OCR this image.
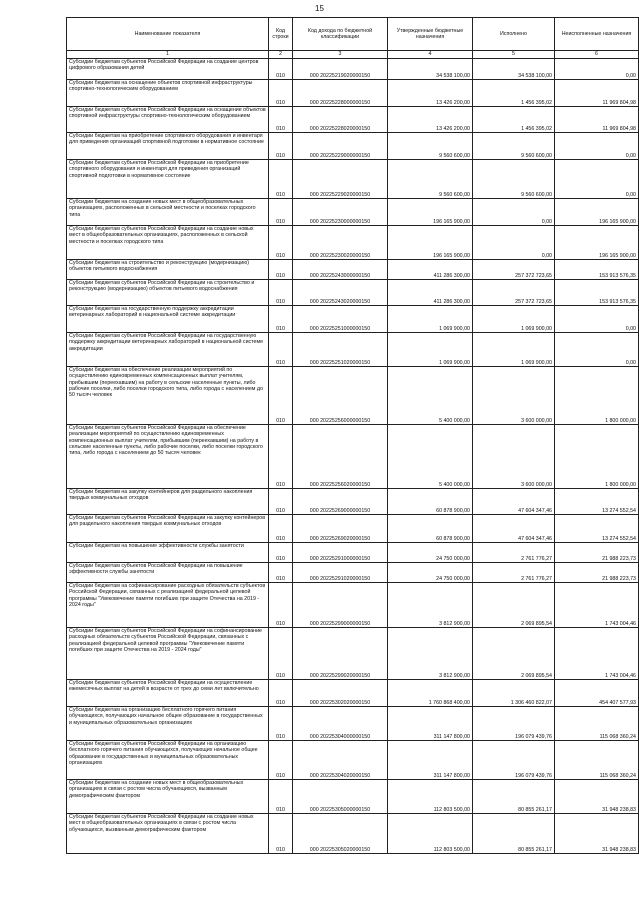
15
Наименование показателя	Код строки	Код дохода по бюджетной классификации	Утвержденные бюджетные назначения	Исполнено	Неисполненные назначения
1	2	3	4	5	6
Субсидии бюджетам субъектов Российской Федерации на создание центров цифрового образования детей	010	000 20225219020000150	34 538 100,00	34 538 100,00	0,00
Субсидии бюджетам на оснащение объектов спортивной инфраструктуры спортивно-технологическим оборудованием	010	000 20225228000000150	13 426 200,00	1 456 395,02	11 969 804,98
Субсидии бюджетам субъектов Российской Федерации на оснащение объектов спортивной инфраструктуры спортивно-технологическим оборудованием	010	000 20225228020000150	13 426 200,00	1 456 395,02	11 969 804,98
Субсидии бюджетам на приобретение спортивного оборудования и инвентаря для приведения организаций спортивной подготовки в нормативное состояние	010	000 20225229000000150	9 560 600,00	9 560 600,00	0,00
Субсидии бюджетам субъектов Российской Федерации на приобретение спортивного оборудования и инвентаря для приведения организаций спортивной подготовки в нормативное состояние	010	000 20225229020000150	9 560 600,00	9 560 600,00	0,00
Субсидии бюджетам на создание новых мест в общеобразовательных организациях, расположенных в сельской местности и поселках городского типа	010	000 20225230000000150	196 165 900,00	0,00	196 165 900,00
Субсидии бюджетам субъектов Российской Федерации на создание новых мест в общеобразовательных организациях, расположенных в сельской местности и поселках городского типа	010	000 20225230020000150	196 165 900,00	0,00	196 165 900,00
Субсидии бюджетам на строительство и реконструкцию (модернизацию) объектов питьевого водоснабжения	010	000 20225243000000150	411 286 300,00	257 372 723,65	153 913 576,35
Субсидии бюджетам субъектов Российской Федерации на строительство и реконструкцию (модернизацию) объектов питьевого водоснабжения	010	000 20225243020000150	411 286 300,00	257 372 723,65	153 913 576,35
Субсидии бюджетам на государственную поддержку аккредитации ветеринарных лабораторий в национальной системе аккредитации	010	000 20225251000000150	1 069 900,00	1 069 900,00	0,00
Субсидии бюджетам субъектов Российской Федерации на государственную поддержку аккредитации ветеринарных лабораторий в национальной системе аккредитации	010	000 20225251020000150	1 069 900,00	1 069 900,00	0,00
Субсидии бюджетам на обеспечение реализации мероприятий по осуществлению единовременных компенсационных выплат учителям, прибывшим (переехавшим) на работу в сельские населенные пункты, либо рабочие поселки, либо поселки городского типа, либо города с населением до 50 тысяч человек	010	000 20225256000000150	5 400 000,00	3 600 000,00	1 800 000,00
Субсидии бюджетам субъектов Российской Федерации на обеспечение реализации мероприятий по осуществлению единовременных компенсационных выплат учителям, прибывшим (переехавшим) на работу в сельские населенные пункты, либо рабочие поселки, либо поселки городского типа, либо города с населением до 50 тысяч человек	010	000 20225256020000150	5 400 000,00	3 600 000,00	1 800 000,00
Субсидии бюджетам на закупку контейнеров для раздельного накопления твердых коммунальных отходов	010	000 20225269000000150	60 878 900,00	47 604 347,46	13 274 552,54
Субсидии бюджетам субъектов Российской Федерации на закупку контейнеров для раздельного накопления твердых коммунальных отходов	010	000 20225269020000150	60 878 900,00	47 604 347,46	13 274 552,54
Субсидии бюджетам на повышение эффективности службы занятости	010	000 20225291000000150	24 750 000,00	2 761 776,27	21 988 223,73
Субсидии бюджетам субъектов Российской Федерации на повышение эффективности службы занятости	010	000 20225291020000150	24 750 000,00	2 761 776,27	21 988 223,73
Субсидии бюджетам на софинансирование расходных обязательств субъектов Российской Федерации, связанных с реализацией федеральной целевой программы "Увековечение памяти погибших при защите Отечества на 2019 - 2024 годы"	010	000 20225299000000150	3 812 900,00	2 069 895,54	1 743 004,46
Субсидии бюджетам субъектов Российской Федерации на софинансирование расходных обязательств субъектов Российской Федерации, связанных с реализацией федеральной целевой программы "Увековечение памяти погибших при защите Отечества на 2019 - 2024 годы"	010	000 20225299020000150	3 812 900,00	2 069 895,54	1 743 004,46
Субсидии бюджетам субъектов Российской Федерации на осуществление ежемесячных выплат на детей в возрасте от трех до семи лет включительно	010	000 20225302020000150	1 760 868 400,00	1 306 460 822,07	454 407 577,93
Субсидии бюджетам на организацию бесплатного горячего питания обучающихся, получающих начальное общее образование в государственных и муниципальных образовательных организациях	010	000 20225304000000150	311 147 800,00	196 079 439,76	115 068 360,24
Субсидии бюджетам субъектов Российской Федерации на организацию бесплатного горячего питания обучающихся, получающих начальное общее образование в государственных и муниципальных образовательных организациях	010	000 20225304020000150	311 147 800,00	196 079 439,76	115 068 360,24
Субсидии бюджетам на создание новых мест в общеобразовательных организациях в связи с ростом числа обучающихся, вызванным демографическим фактором	010	000 20225305000000150	112 803 500,00	80 855 261,17	31 948 238,83
Субсидии бюджетам субъектов Российской Федерации на создание новых мест в общеобразовательных организациях в связи с ростом числа обучающихся, вызванным демографическим фактором	010	000 20225305020000150	112 803 500,00	80 855 261,17	31 948 238,83
